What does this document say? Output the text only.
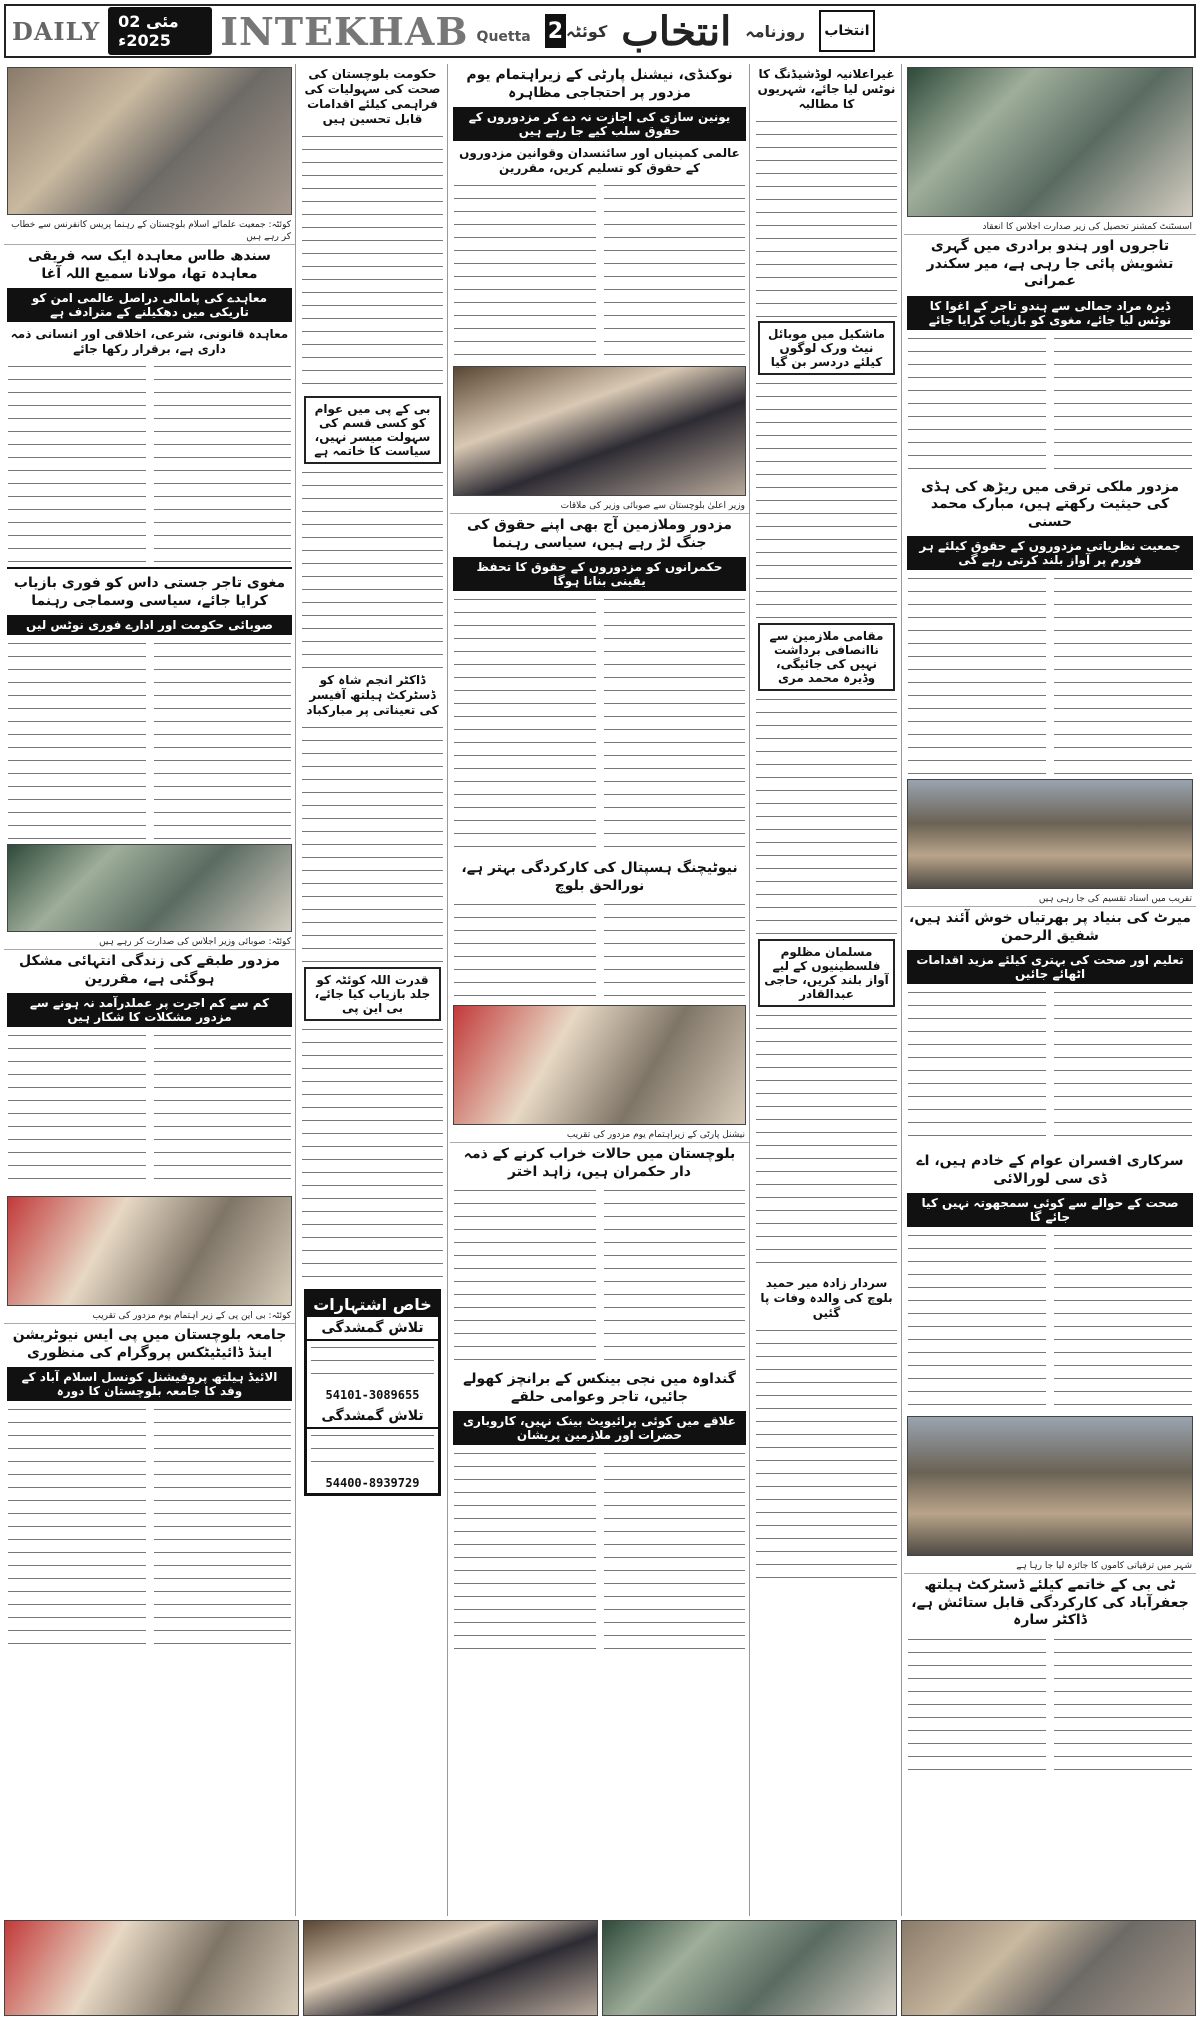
DAILY	02 مئی 2025ء	INTEKHAB Quetta 2	انتخاب
روزنامہ
انتخاب
کوئٹہ
کوئٹہ: جمعیت علمائے اسلام بلوچستان کے رہنما پریس کانفرنس سے خطاب کر رہے ہیں
سندھ طاس معاہدہ ایک سہ فریقی معاہدہ تھا، مولانا سمیع اللہ آغا
معاہدے کی پامالی دراصل عالمی امن کو تاریکی میں دھکیلنے کے مترادف ہے
معاہدہ قانونی، شرعی، اخلاقی اور انسانی ذمہ داری ہے، برقرار رکھا جائے
مغوی تاجر جستی داس کو فوری بازیاب کرایا جائے، سیاسی وسماجی رہنما
صوبائی حکومت اور ادارے فوری نوٹس لیں
کوئٹہ: صوبائی وزیر اجلاس کی صدارت کر رہے ہیں
مزدور طبقے کی زندگی انتہائی مشکل ہوگئی ہے، مقررین
کم سے کم اجرت پر عملدرآمد نہ ہونے سے مزدور مشکلات کا شکار ہیں
کوئٹہ: بی این پی کے زیر اہتمام یوم مزدور کی تقریب
جامعہ بلوچستان میں پی ایس نیوٹریشن اینڈ ڈائیٹیٹکس پروگرام کی منظوری
الائیڈ ہیلتھ پروفیشنل کونسل اسلام آباد کے وفد کا جامعہ بلوچستان کا دورہ
حکومت بلوچستان کی صحت کی سہولیات کی فراہمی کیلئے اقدامات قابل تحسین ہیں
بی کے پی میں عوام کو کسی قسم کی سہولت میسر نہیں، سیاست کا خاتمہ ہے
ڈاکٹر انجم شاہ کو ڈسٹرکٹ ہیلتھ آفیسر کی تعیناتی پر مبارکباد
قدرت اللہ کوئٹہ کو جلد بازیاب کیا جائے، بی این پی
خاص اشتہارات
تلاش گمشدگی
54101-3089655
تلاش گمشدگی
54400-8939729
نوکنڈی، نیشنل پارٹی کے زیراہتمام یوم مزدور پر احتجاجی مظاہرہ
یونین سازی کی اجازت نہ دے کر مزدوروں کے حقوق سلب کیے جا رہے ہیں
عالمی کمپنیاں اور سائنسدان وقوانین مزدوروں کے حقوق کو تسلیم کریں، مقررین
وزیر اعلیٰ بلوچستان سے صوبائی وزیر کی ملاقات
مزدور وملازمین آج بھی اپنے حقوق کی جنگ لڑ رہے ہیں، سیاسی رہنما
حکمرانوں کو مزدوروں کے حقوق کا تحفظ یقینی بنانا ہوگا
نیوٹیچنگ ہسپتال کی کارکردگی بہتر ہے، نورالحق بلوچ
نیشنل پارٹی کے زیراہتمام یوم مزدور کی تقریب
بلوچستان میں حالات خراب کرنے کے ذمہ دار حکمران ہیں، زاہد اختر
گنداوہ میں نجی بینکس کے برانچز کھولے جائیں، تاجر وعوامی حلقے
علاقے میں کوئی پرائیویٹ بینک نہیں، کاروباری حضرات اور ملازمین پریشان
غیراعلانیہ لوڈشیڈنگ کا نوٹس لیا جائے، شہریوں کا مطالبہ
ماشکیل میں موبائل نیٹ ورک لوگوں کیلئے دردسر بن گیا
مقامی ملازمین سے ناانصافی برداشت نہیں کی جائیگی، وڈیرہ محمد مری
مسلمان مظلوم فلسطینیوں کے لیے آواز بلند کریں، حاجی عبدالقادر
سردار زادہ میر حمید بلوچ کی والدہ وفات پا گئیں
اسسٹنٹ کمشنر تحصیل کی زیر صدارت اجلاس کا انعقاد
تاجروں اور ہندو برادری میں گہری تشویش پائی جا رہی ہے، میر سکندر عمرانی
ڈیرہ مراد جمالی سے ہندو تاجر کے اغوا کا نوٹس لیا جائے، مغوی کو بازیاب کرایا جائے
مزدور ملکی ترقی میں ریڑھ کی ہڈی کی حیثیت رکھتے ہیں، مبارک محمد حسنی
جمعیت نظریاتی مزدوروں کے حقوق کیلئے ہر فورم پر آواز بلند کرتی رہے گی
تقریب میں اسناد تقسیم کی جا رہی ہیں
میرٹ کی بنیاد پر بھرتیاں خوش آئند ہیں، شفیق الرحمن
تعلیم اور صحت کی بہتری کیلئے مزید اقدامات اٹھائے جائیں
سرکاری افسران عوام کے خادم ہیں، اے ڈی سی لورالائی
صحت کے حوالے سے کوئی سمجھوتہ نہیں کیا جائے گا
شہر میں ترقیاتی کاموں کا جائزہ لیا جا رہا ہے
ٹی بی کے خاتمے کیلئے ڈسٹرکٹ ہیلتھ جعفرآباد کی کارکردگی قابل ستائش ہے، ڈاکٹر سارہ
مختلف تقریبات کی تصاویر
